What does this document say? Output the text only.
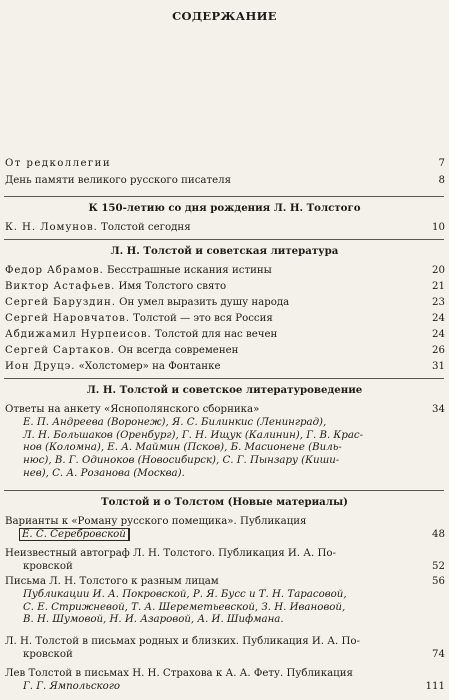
СОДЕРЖАНИЕ
От редколлегии	7
День памяти великого русского писателя	8
К 150-летию со дня рождения Л. Н. Толстого
К. Н. Ломунов. Толстой сегодня	10
Л. Н. Толстой и советская литература
Федор Абрамов. Бесстрашные искания истины	20
Виктор Астафьев. Имя Толстого свято	21
Сергей Баруздин. Он умел выразить душу народа	23
Сергей Наровчатов. Толстой — это вся Россия	24
Абдижамил Нурпеисов. Толстой для нас вечен	24
Сергей Сартаков. Он всегда современен	26
Ион Друцэ. «Холстомер» на Фонтанке	31
Л. Н. Толстой и советское литературоведение
Ответы на анкету «Яснополянского сборника»	34
Е. П. Андреева (Воронеж), Я. С. Билинкис (Ленинград),
Л. Н. Большаков (Оренбург), Г. Н. Ищук (Калинин), Г. В. Крас-
нов (Коломна), Е. А. Маймин (Псков), Б. Масионене (Виль-
нюс), В. Г. Одиноков (Новосибирск), С. Г. Пынзару (Киши-
нев), С. А. Розанова (Москва).
Толстой и о Толстом (Новые материалы)
Варианты к «Роману русского помещика». Публикация

Е. С. Серебровской	48
Неизвестный автограф Л. Н. Толстого. Публикация И. А. По-

кровской	52
Письма Л. Н. Толстого к разным лицам	56
Публикации И. А. Покровской, Р. Я. Бусс и Т. Н. Тарасовой,
С. Е. Стрижневой, Т. А. Шереметьевской, З. Н. Ивановой,
В. Н. Шумовой, Н. И. Азаровой, А. И. Шифмана.
Л. Н. Толстой в письмах родных и близких. Публикация И. А. По-

кровской	74
Лев Толстой в письмах Н. Н. Страхова к А. А. Фету. Публикация

Г. Г. Ямпольского	111
